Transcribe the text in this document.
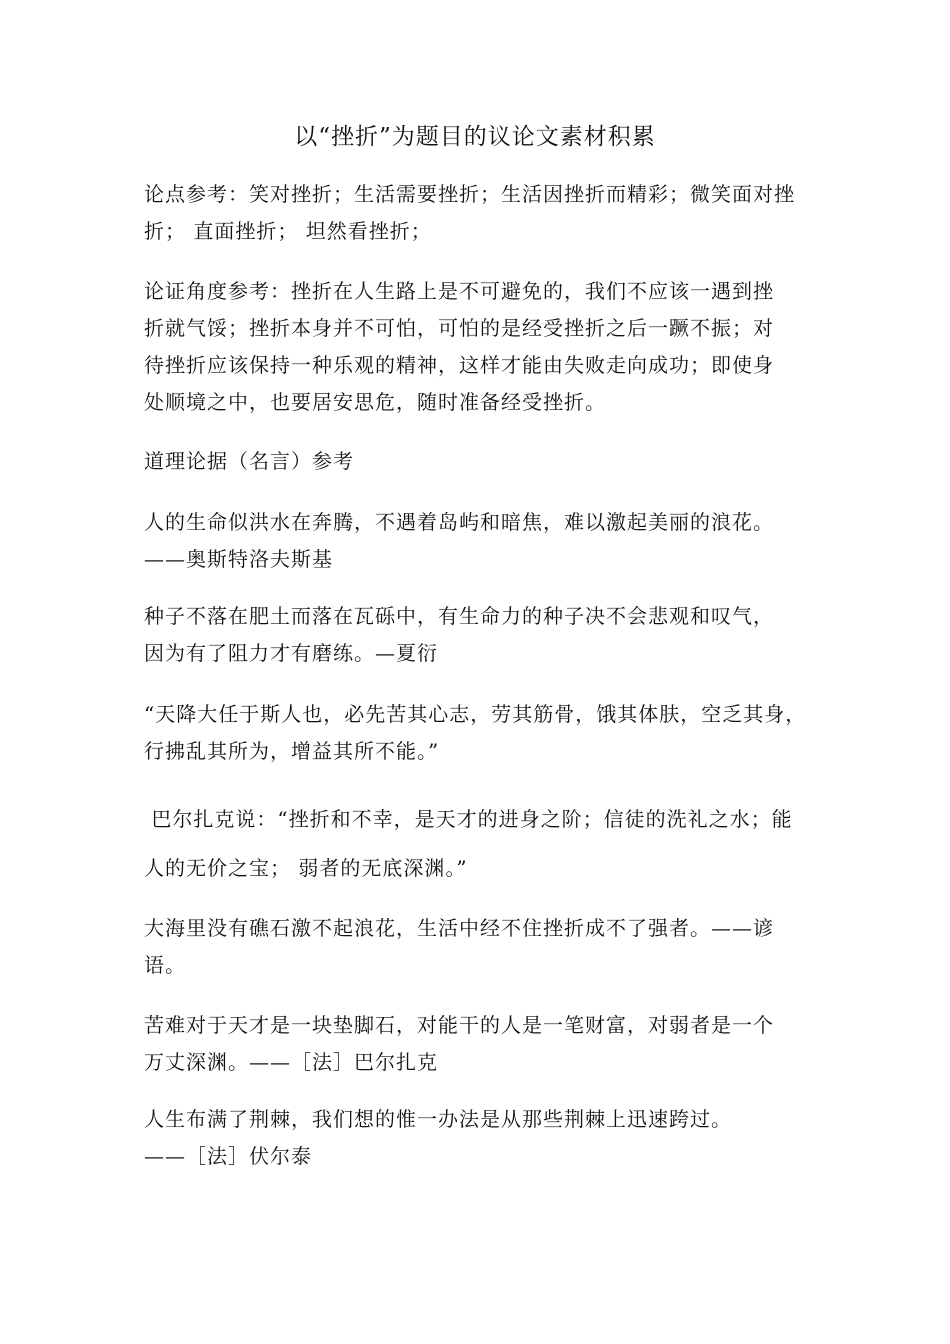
以“挫折”为题目的议论文素材积累
论点参考：笑对挫折；生活需要挫折；生活因挫折而精彩；微笑面对挫
折； 直面挫折； 坦然看挫折；
论证角度参考：挫折在人生路上是不可避免的，我们不应该一遇到挫
折就气馁；挫折本身并不可怕，可怕的是经受挫折之后一蹶不振；对
待挫折应该保持一种乐观的精神，这样才能由失败走向成功；即使身
处顺境之中，也要居安思危，随时准备经受挫折。
道理论据（名言）参考
人的生命似洪水在奔腾，不遇着岛屿和暗焦，难以激起美丽的浪花。
——奥斯特洛夫斯基
种子不落在肥土而落在瓦砾中，有生命力的种子决不会悲观和叹气，
因为有了阻力才有磨练。—夏衍
“天降大任于斯人也，必先苦其心志，劳其筋骨，饿其体肤，空乏其身，
行拂乱其所为，增益其所不能。”
巴尔扎克说：“挫折和不幸，是天才的进身之阶；信徒的洗礼之水；能
人的无价之宝； 弱者的无底深渊。”
大海里没有礁石激不起浪花，生活中经不住挫折成不了强者。——谚
语。
苦难对于天才是一块垫脚石，对能干的人是一笔财富，对弱者是一个
万丈深渊。——［法］巴尔扎克
人生布满了荆棘，我们想的惟一办法是从那些荆棘上迅速跨过。
——［法］伏尔泰
